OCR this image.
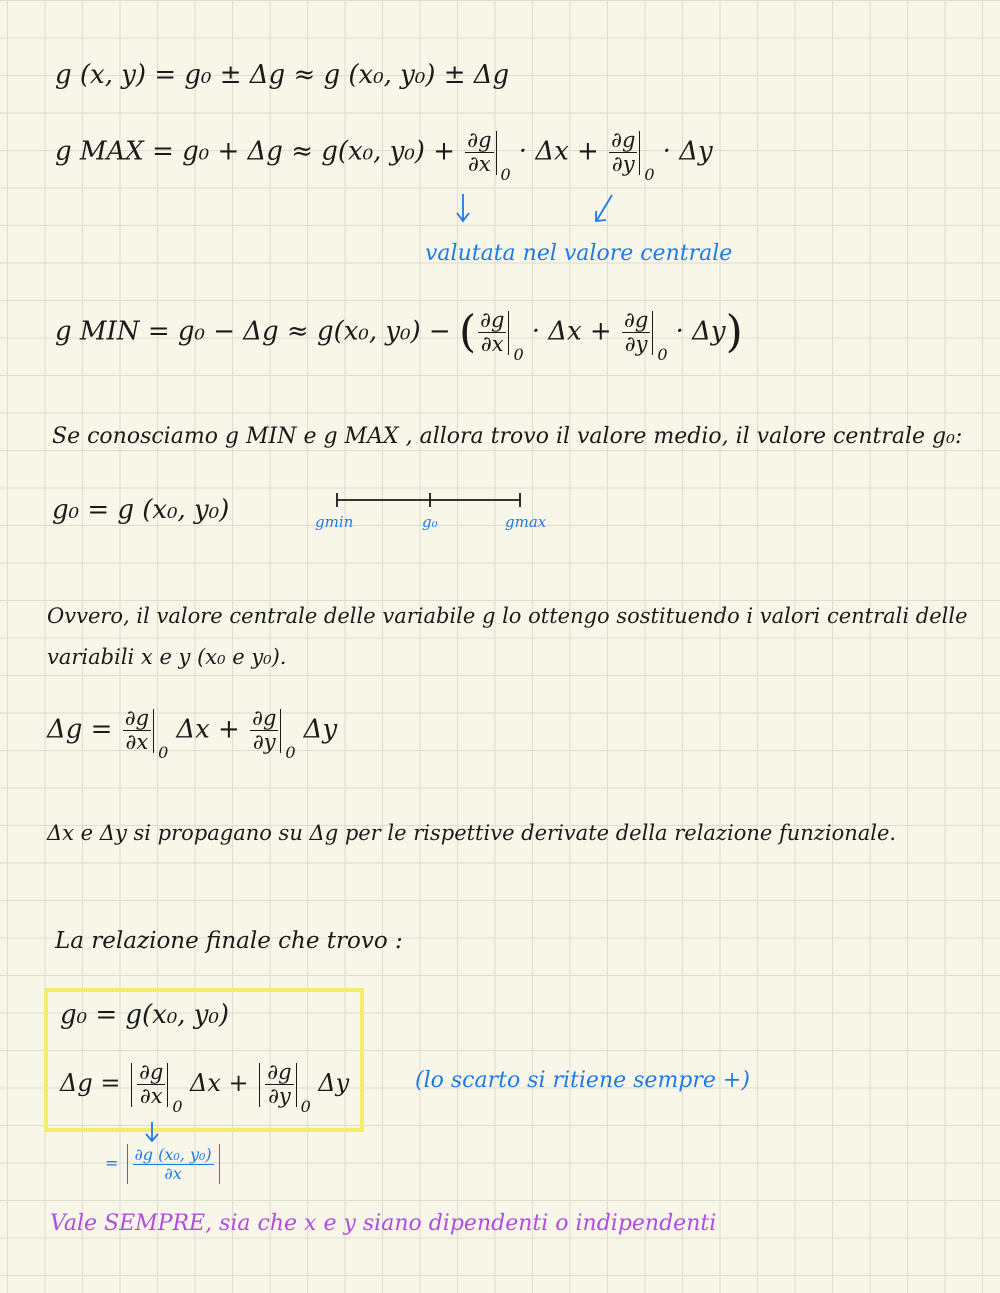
g (x, y) = g₀ ± Δg ≈ g (x₀, y₀) ± Δg
g MAX = g₀ + Δg ≈ g(x₀, $y_0) + \frac{\partial g}{\partial x} 0$
· $\Delta x + \frac{\partial g}{\partial y} 0$
· Δy
valutata nel valore centrale
g MIN = g₀ − Δg ≈ g(x₀, y₀) − ( $\frac{\partial g}{\partial x} 0$
· $\Delta x + \frac{\partial g}{\partial y} 0$
· Δy)
Se conosciamo g MIN e g MAX , allora trovo il valore medio, il valore centrale g₀:
g₀ = g (x₀, y₀)	gmin	g₀	gmax
Ovvero, il valore centrale delle variabile g lo ottengo sostituendo i valori centrali delle
variabili x e y (x₀ e y₀).
$\Delta g = \frac{\partial g}{\partial x} 0$
$\Delta x + \frac{\partial g}{\partial y} 0$
Δy
Δx e Δy si propagano su Δg per le rispettive derivate della relazione funzionale.
La relazione finale che trovo :
g₀ = g(x₀, y₀)
$\Delta g = \frac{\partial g}{\partial x} 0$
$\Delta x + \frac{\partial g}{\partial y} 0$
Δy	(lo scarto si ritiene sempre +)
= $\frac{\text{∂g (x₀, y₀)}}{\partial x}$
Vale SEMPRE, sia che x e y siano dipendenti o indipendenti
